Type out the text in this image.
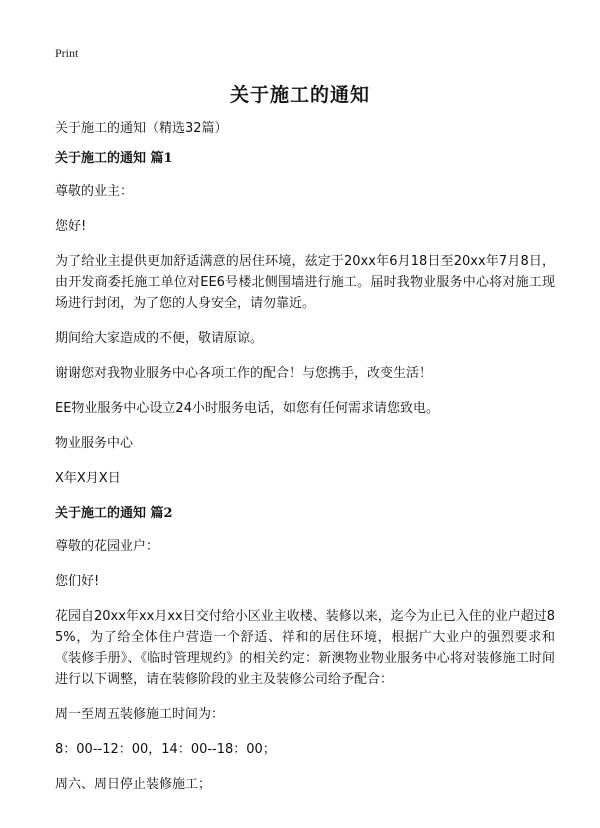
Print
关于施工的通知

关于施工的通知（精选32篇）

关于施工的通知 篇1

尊敬的业主：

您好!

为了给业主提供更加舒适满意的居住环境，兹定于20xx年6月18日至20xx年7月8日，由开发商委托施工单位对EE6号楼北侧围墙进行施工。届时我物业服务中心将对施工现场进行封闭，为了您的人身安全，请勿靠近。

期间给大家造成的不便，敬请原谅。

谢谢您对我物业服务中心各项工作的配合！与您携手，改变生活！

EE物业服务中心设立24小时服务电话，如您有任何需求请您致电。

物业服务中心

X年X月X日

关于施工的通知 篇2

尊敬的花园业户：

您们好!

花园自20xx年xx月xx日交付给小区业主收楼、装修以来，迄今为止已入住的业户超过85%，为了给全体住户营造一个舒适、祥和的居住环境，根据广大业户的强烈要求和《装修手册》、《临时管理规约》的相关约定：新澳物业物业服务中心将对装修施工时间进行以下调整，请在装修阶段的业主及装修公司给予配合：

周一至周五装修施工时间为：

8：00--12：00，14：00--18：00；

周六、周日停止装修施工；
